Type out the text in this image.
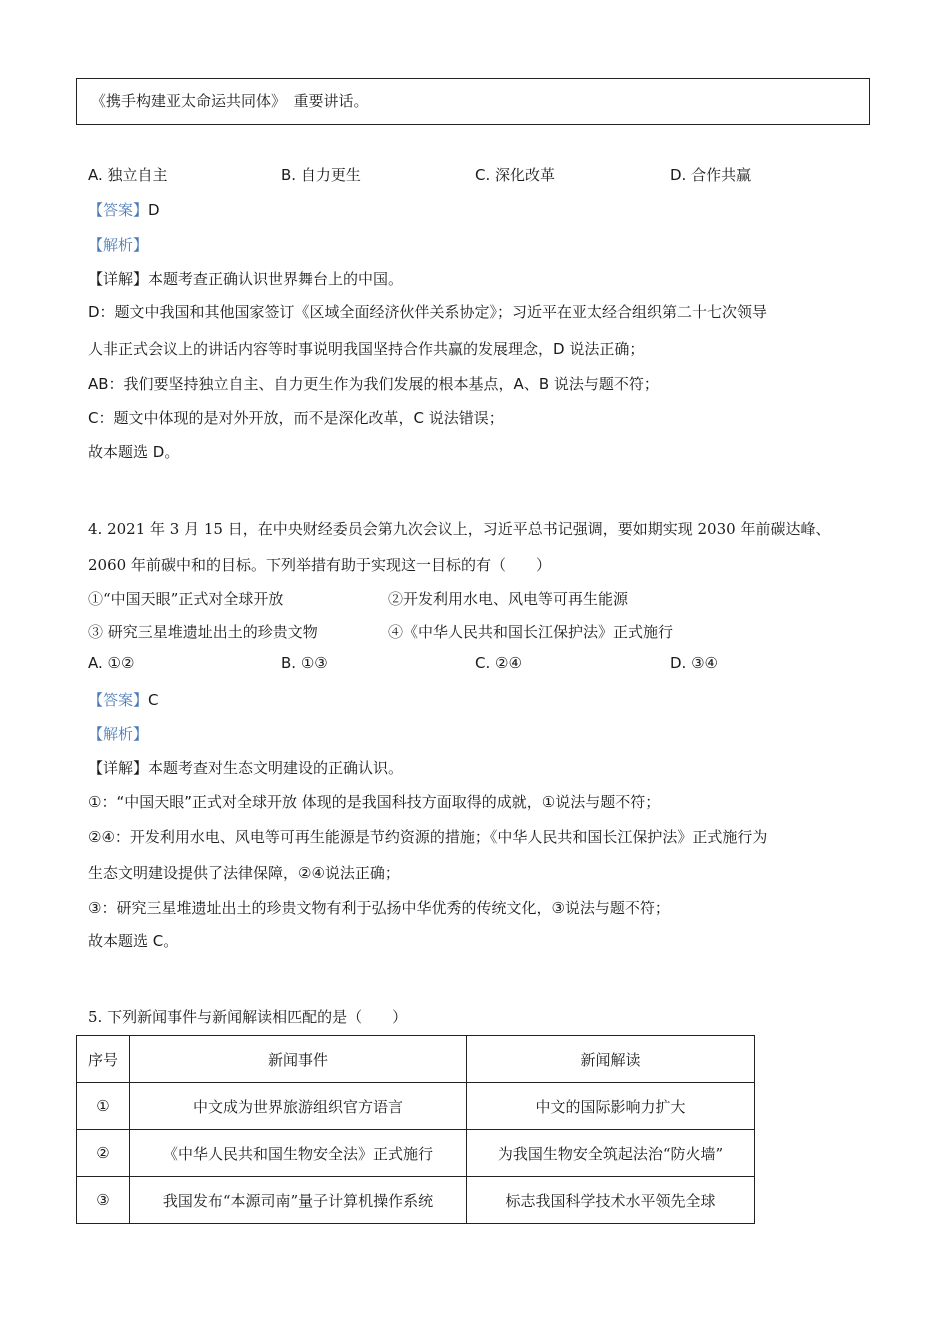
《携手构建亚太命运共同体》　重要讲话。
A. 独立自主	B. 自力更生	C. 深化改革	D. 合作共赢
【答案】D
【解析】
【详解】本题考查正确认识世界舞台上的中国。
D：题文中我国和其他国家签订《区域全面经济伙伴关系协定》；习近平在亚太经合组织第二十七次领导
人非正式会议上的讲话内容等时事说明我国坚持合作共赢的发展理念，D 说法正确；
AB：我们要坚持独立自主、自力更生作为我们发展的根本基点，A、B 说法与题不符；
C：题文中体现的是对外开放，而不是深化改革，C 说法错误；
故本题选 D。
4. 2021 年 3 月 15 日，在中央财经委员会第九次会议上，习近平总书记强调，要如期实现 2030 年前碳达峰、
2060 年前碳中和的目标。下列举措有助于实现这一目标的有（　　）
①“中国天眼”正式对全球开放	②开发利用水电、风电等可再生能源
③ 研究三星堆遗址出土的珍贵文物	④《中华人民共和国长江保护法》正式施行
A. ①②	B. ①③	C. ②④	D. ③④
【答案】C
【解析】
【详解】本题考查对生态文明建设的正确认识。
①：“中国天眼”正式对全球开放 体现的是我国科技方面取得的成就，①说法与题不符；
②④：开发利用水电、风电等可再生能源是节约资源的措施；《中华人民共和国长江保护法》正式施行为
生态文明建设提供了法律保障，②④说法正确；
③：研究三星堆遗址出土的珍贵文物有利于弘扬中华优秀的传统文化，③说法与题不符；
故本题选 C。
5. 下列新闻事件与新闻解读相匹配的是（　　）
序号	新闻事件	新闻解读
①	中文成为世界旅游组织官方语言	中文的国际影响力扩大
②	《中华人民共和国生物安全法》正式施行	为我国生物安全筑起法治“防火墙”
③	我国发布“本源司南”量子计算机操作系统	标志我国科学技术水平领先全球
